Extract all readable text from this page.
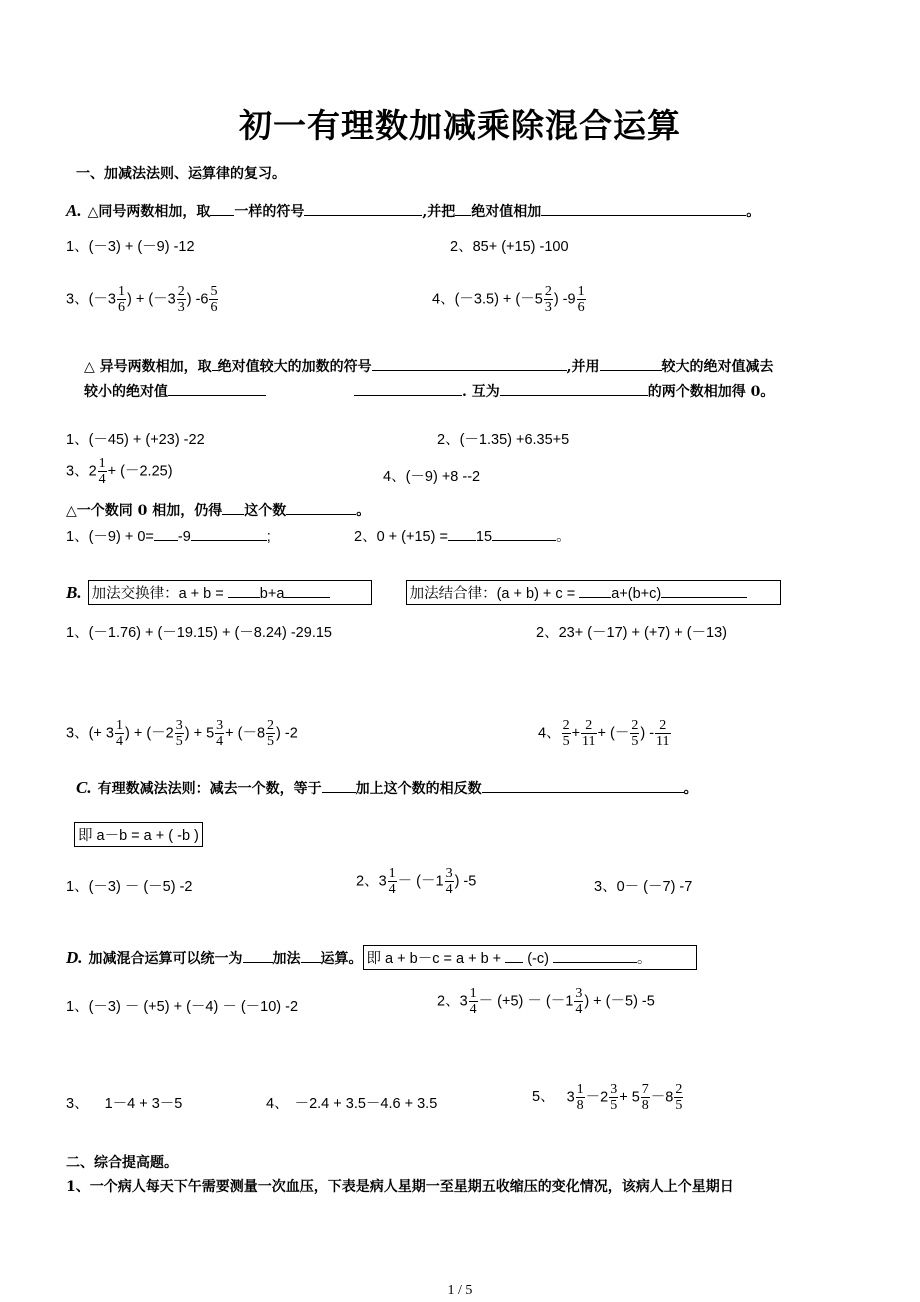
初一有理数加减乘除混合运算
一、加减法法则、运算律的复习。
A. △同号两数相加，取 一样的符号	,并把 绝对值相加	。
1、(－3) + (－9) -12	2、85+ (+15) -100
3、($-3 \frac{1}{6}$ ) + ($-3 \frac{2}{3}$ ) $-6 \frac{5}{6}$	4、$(-3.5) + (-5 \frac{2}{3}$ ) $-9 \frac{1}{6}$
△ 异号两数相加，取 绝对值较大的加数的符号	,并用	较大的绝对值减去
较小的绝对值	. 互为	的两个数相加得 0。
1、(－45) + (+23) -22	2、(－1.35) +6.35+5
3、$2 \frac{1}{4} + (-2.25)$	4、(－9) +8 --2
△一个数同 0 相加，仍得 这个数	。
1、(－9) + 0= -9	;	2、0 + (+15) = 15	。
B. 加法交换律：a + b = b+a	加法结合律：(a + b) + c = a+(b+c)
1、(－1.76) + (－19.15) + (－8.24) -29.15	2、23+ (－17) + (+7) + (－13)
3、(+ $3 \frac{1}{4}$ ) + ($-2 \frac{3}{5}$ ) + $5 \frac{3}{4} + (-8 \frac{2}{5}$ ) -2	4、 $\frac{2}{5} + \frac{2}{11}$ + (－ $\frac{2}{5}$ ) - $\frac{2}{11}$
C. 有理数减法法则：减去一个数，等于 加上这个数的相反数	。
即 a－b = a + ( -b )
1、(－3) － (－5) -2	2、$3 \frac{1}{4} - (-1 \frac{3}{4}$ ) -5	3、0－ (－7) -7
D. 加减混合运算可以统一为 加法 运算。 即 a + b－c = a + b + (-c)	。
1、(－3) － (+5) + (－4) － (－10) -2	2、$3 \frac{1}{4} - (+5) - (-1 \frac{3}{4}$ ) + (－5) -5
3、 1－4 + 3－5	4、 －2.4 + 3.5－4.6 + 3.5	5、 $3 \frac{1}{8} -2 \frac{3}{5} + 5 \frac{7}{8} -8 \frac{2}{5}$
二、综合提高题。
1、一个病人每天下午需要测量一次血压，下表是病人星期一至星期五收缩压的变化情况，该病人上个星期日
1 / 5
